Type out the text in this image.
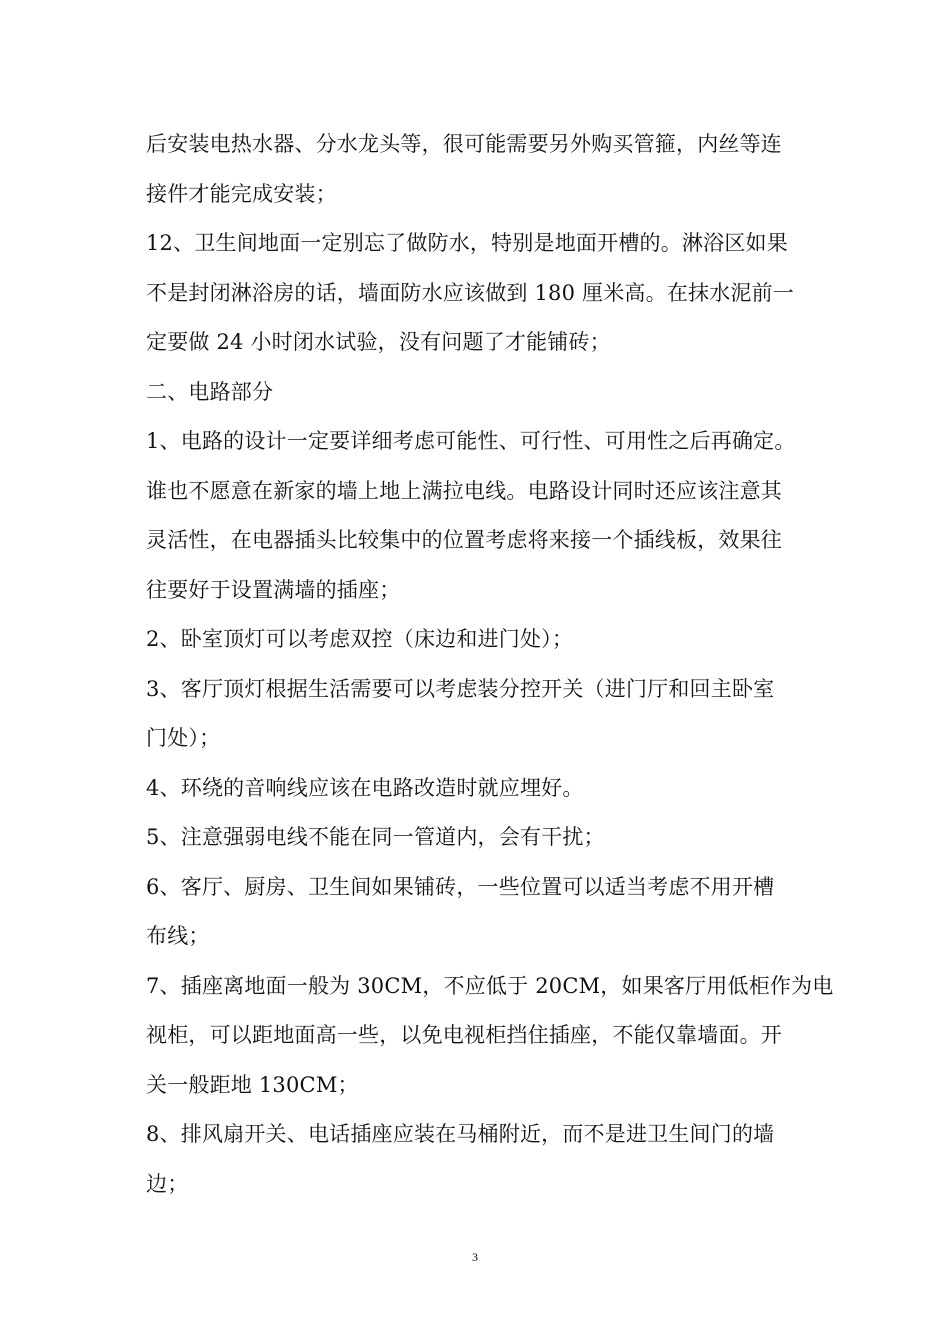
后安装电热水器、分水龙头等，很可能需要另外购买管箍，内丝等连
接件才能完成安装；
12、卫生间地面一定别忘了做防水，特别是地面开槽的。淋浴区如果
不是封闭淋浴房的话，墙面防水应该做到 180 厘米高。在抹水泥前一
定要做 24 小时闭水试验，没有问题了才能铺砖；
二、电路部分
1、电路的设计一定要详细考虑可能性、可行性、可用性之后再确定。
谁也不愿意在新家的墙上地上满拉电线。电路设计同时还应该注意其
灵活性，在电器插头比较集中的位置考虑将来接一个插线板，效果往
往要好于设置满墙的插座；
2、卧室顶灯可以考虑双控（床边和进门处）；
3、客厅顶灯根据生活需要可以考虑装分控开关（进门厅和回主卧室
门处）；
4、环绕的音响线应该在电路改造时就应埋好。
5、注意强弱电线不能在同一管道内，会有干扰；
6、客厅、厨房、卫生间如果铺砖，一些位置可以适当考虑不用开槽
布线；
7、插座离地面一般为 30CM，不应低于 20CM，如果客厅用低柜作为电
视柜，可以距地面高一些，以免电视柜挡住插座，不能仅靠墙面。开
关一般距地 130CM；
8、排风扇开关、电话插座应装在马桶附近，而不是进卫生间门的墙
边；
3
